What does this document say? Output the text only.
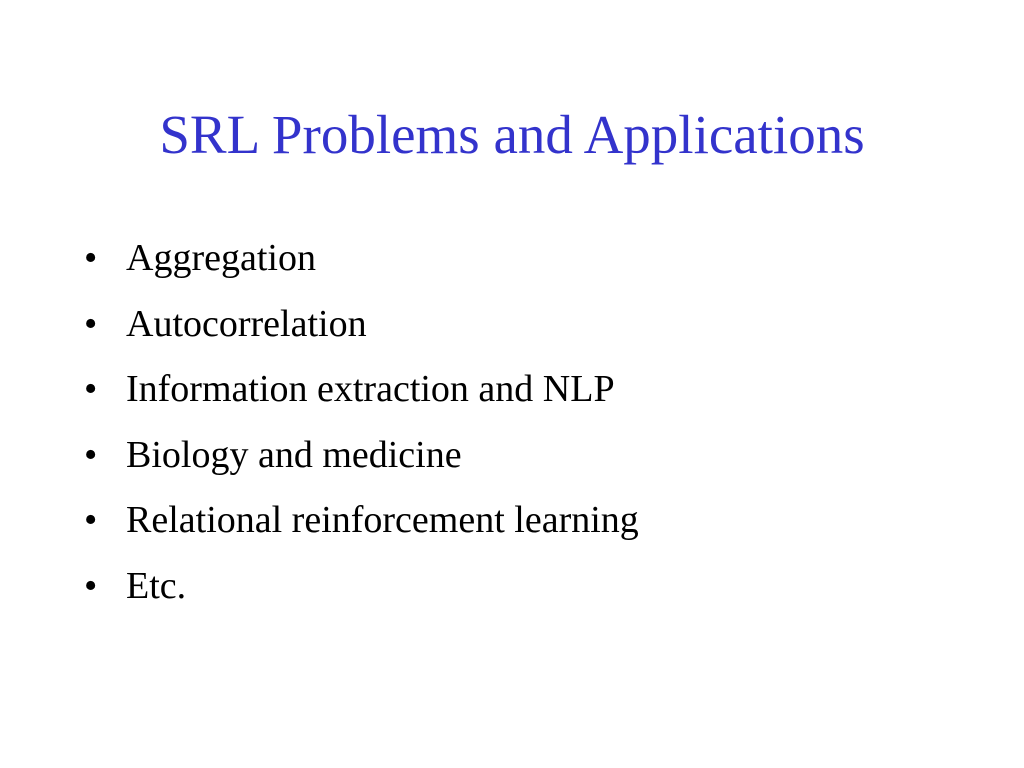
SRL Problems and Applications
• Aggregation
• Autocorrelation
• Information extraction and NLP
• Biology and medicine
• Relational reinforcement learning
• Etc.
